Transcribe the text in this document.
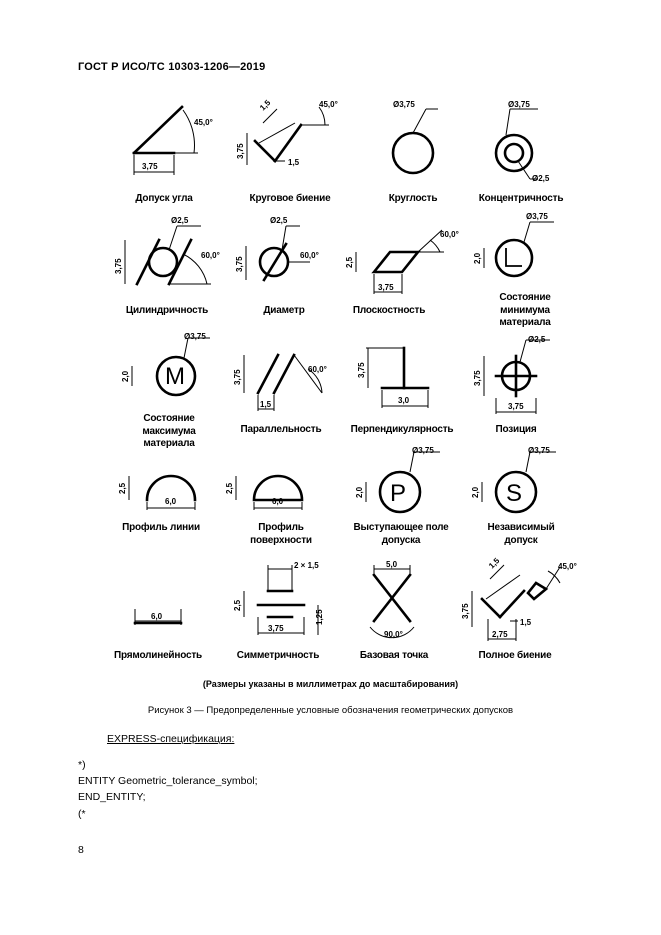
ГОСТ Р ИСО/ТС 10303-1206—2019
45,0°
3,75
Допуск угла
45,0°
1,5
3,75
1,5
Круговое биение
Ø3,75
Круглость
Ø3,75
Ø2,5
Концентричность
Ø2,5
60,0°
3,75
Цилиндричность
Ø2,5
60,0°
3,75
Диаметр
60,0°
2,5
3,75
Плоскостность
Ø3,75
2,0
Состояние минимума материала
M
Ø3,75
2,0
Состояние максимума материала
60,0°
3,75
1,5
Параллельность
3,75
3,0
Перпендикулярность
Ø2,5
3,75
3,75
Позиция
6,0
2,5
Профиль линии
6,0
2,5
Профиль поверхности
P
Ø3,75
2,0
Выступающее поле допуска
S
Ø3,75
2,0
Независимый допуск
6,0
Прямолинейность
2 × 1,5
2,5
1,25
3,75
Симметричность
5,0
90,0°
Базовая точка
45,0°
1,5
3,75
1,5
2,75
Полное биение
(Размеры указаны в миллиметрах до масштабирования)
Рисунок 3 — Предопределенные условные обозначения геометрических допусков
EXPRESS-спецификация:
*)
ENTITY Geometric_tolerance_symbol;
END_ENTITY;
(*
8
